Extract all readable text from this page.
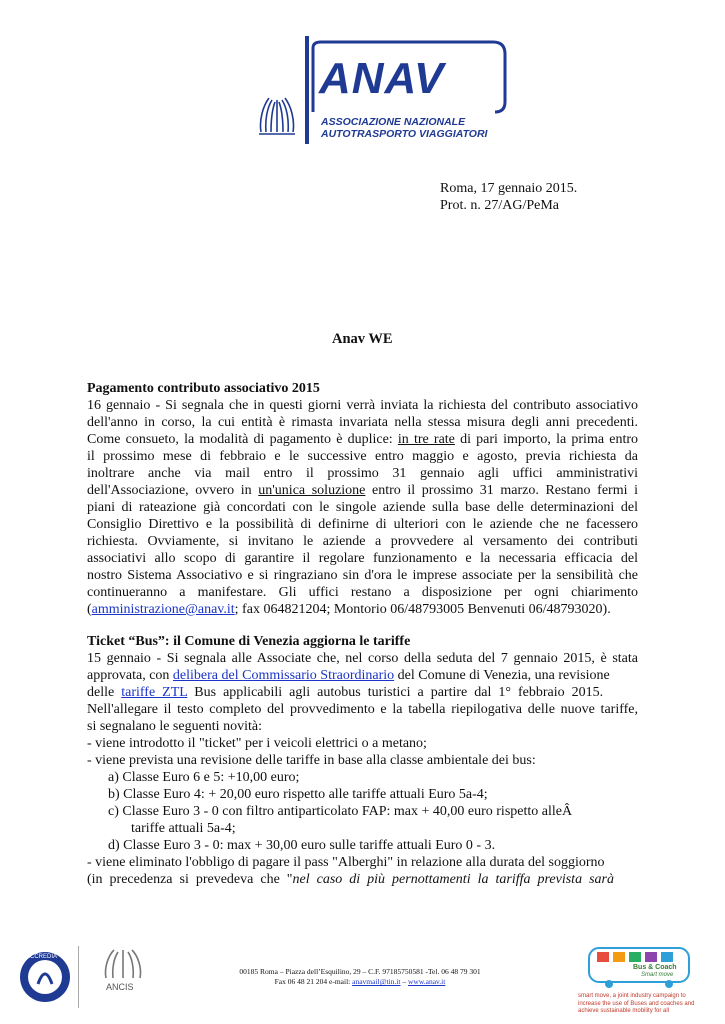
ANAV
ASSOCIAZIONE NAZIONALE
AUTOTRASPORTO VIAGGIATORI
Roma, 17 gennaio 2015.
Prot. n. 27/AG/PeMa
Anav WE
Pagamento contributo associativo 2015
16 gennaio - Si segnala che in questi giorni verrà inviata la richiesta del contributo associativo
dell'anno in corso, la cui entità è rimasta invariata nella stessa misura degli anni precedenti.
Come consueto, la modalità di pagamento è duplice: in tre rate di pari importo, la prima entro
il prossimo mese di febbraio e le successive entro maggio e agosto, previa richiesta da
inoltrare anche via mail entro il prossimo 31 gennaio agli uffici amministrativi
dell'Associazione, ovvero in un'unica soluzione entro il prossimo 31 marzo. Restano fermi i
piani di rateazione già concordati con le singole aziende sulla base delle determinazioni del
Consiglio Direttivo e la possibilità di definirne di ulteriori con le aziende che ne facessero
richiesta. Ovviamente, si invitano le aziende a provvedere al versamento dei contributi
associativi allo scopo di garantire il regolare funzionamento e la necessaria efficacia del
nostro Sistema Associativo e si ringraziano sin d'ora le imprese associate per la sensibilità che
continueranno a manifestare. Gli uffici restano a disposizione per ogni chiarimento
(amministrazione@anav.it; fax 064821204; Montorio 06/48793005 Benvenuti 06/48793020).
Ticket “Bus”: il Comune di Venezia aggiorna le tariffe
15 gennaio - Si segnala alle Associate che, nel corso della seduta del 7 gennaio 2015, è stata
approvata, con delibera del Commissario Straordinario del Comune di Venezia, una revisione
delle  tariffe  ZTL  Bus  applicabili  agli  autobus  turistici  a  partire  dal  1°  febbraio  2015.
Nell'allegare il testo completo del provvedimento e la tabella riepilogativa delle nuove tariffe,
si segnalano le seguenti novità:
- viene introdotto il "ticket" per i veicoli elettrici o a metano;
- viene prevista una revisione delle tariffe in base alla classe ambientale dei bus:
a) Classe Euro 6 e 5: +10,00 euro;
b) Classe Euro 4: + 20,00 euro rispetto alle tariffe attuali Euro 5a-4;
c) Classe Euro 3 - 0 con filtro antiparticolato FAP: max + 40,00 euro rispetto alleÂ
tariffe attuali 5a-4;
d) Classe Euro 3 - 0: max + 30,00 euro sulle tariffe attuali Euro 0 - 3.
- viene eliminato l'obbligo di pagare il pass "Alberghi" in relazione alla durata del soggiorno
(in  precedenza  si  prevedeva  che  "nel  caso  di  più  pernottamenti  la  tariffa  prevista  sarà
ACCREDIA
ANCIS
00185 Roma – Piazza dell’Esquilino, 29 – C.F. 97185750581 -Tel. 06 48 79 301
Fax 06 48 21 204 e-mail: anavmail@tin.it – www.anav.it
Bus & Coach
Smart move
smart move, a joint industry campaign to increase the use of Buses and coaches and achieve sustainable mobility for all
